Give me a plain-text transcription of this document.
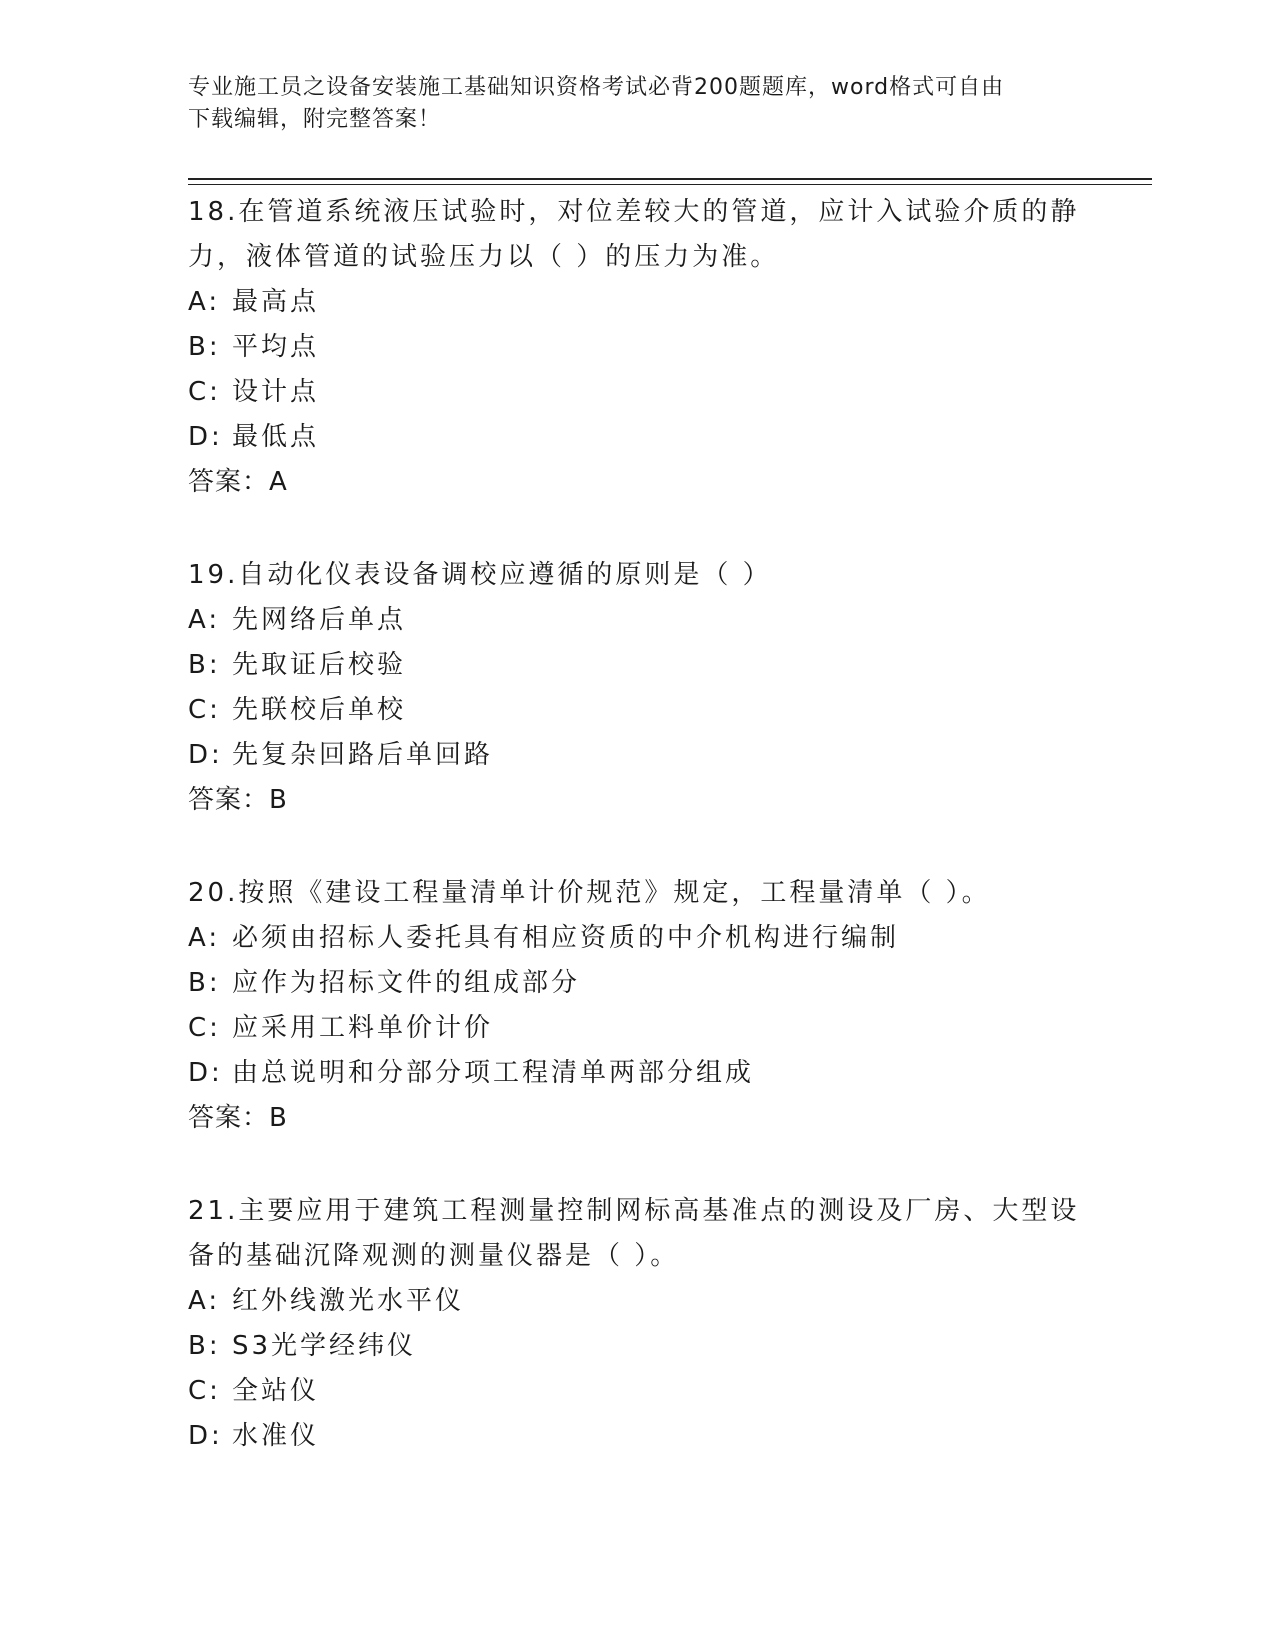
专业施工员之设备安装施工基础知识资格考试必背200题题库，word格式可自由
下载编辑，附完整答案！

18.在管道系统液压试验时，对位差较大的管道，应计入试验介质的静

力，液体管道的试验压力以（ ）的压力为准。

A: 最高点

B: 平均点

C: 设计点

D: 最低点

答案：A

19.自动化仪表设备调校应遵循的原则是（ ）

A: 先网络后单点

B: 先取证后校验

C: 先联校后单校

D: 先复杂回路后单回路

答案：B

20.按照《建设工程量清单计价规范》规定，工程量清单（ ）。

A: 必须由招标人委托具有相应资质的中介机构进行编制

B: 应作为招标文件的组成部分

C: 应采用工料单价计价

D: 由总说明和分部分项工程清单两部分组成

答案：B

21.主要应用于建筑工程测量控制网标高基准点的测设及厂房、大型设

备的基础沉降观测的测量仪器是（ ）。

A: 红外线激光水平仪

B: S3光学经纬仪

C: 全站仪

D: 水准仪
